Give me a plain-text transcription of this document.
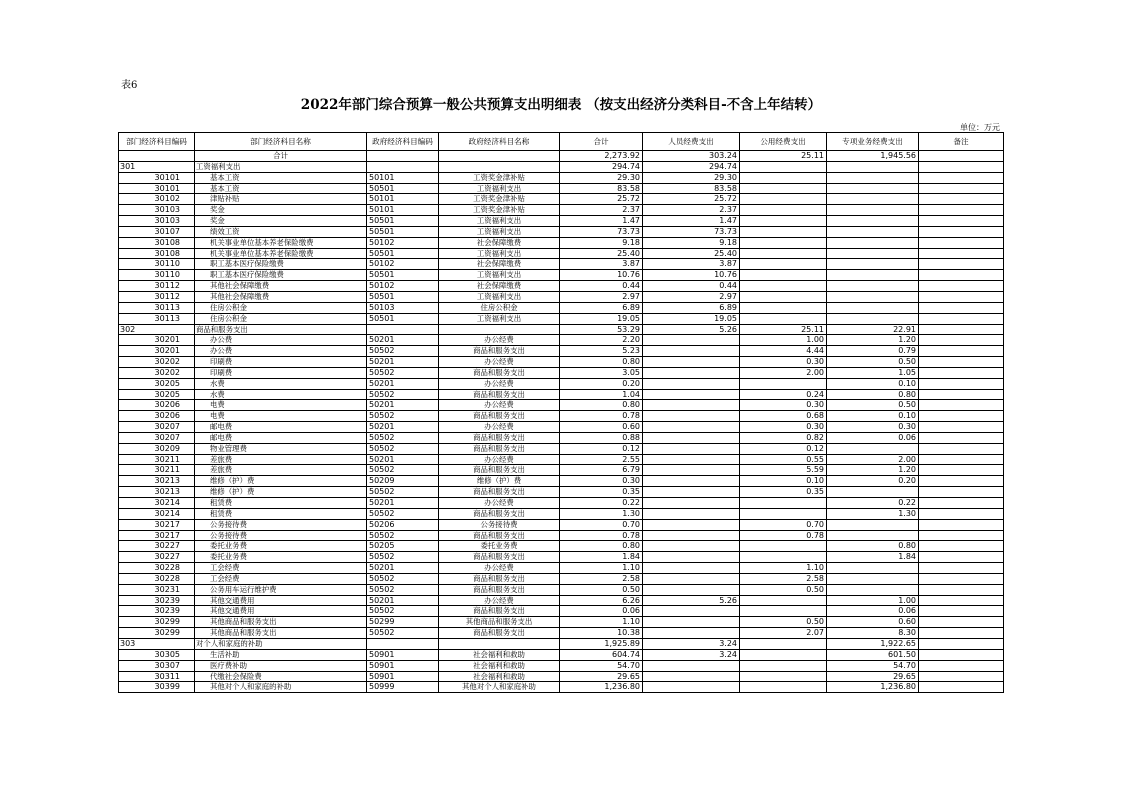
表6
2022年部门综合预算一般公共预算支出明细表 （按支出经济分类科目-不含上年结转）
单位：万元
部门经济科目编码	部门经济科目名称	政府经济科目编码	政府经济科目名称	合计	人员经费支出	公用经费支出	专项业务经费支出	备注
	合计			2,273.92	303.24	25.11	1,945.56	
301	工资福利支出			294.74	294.74			
30101	基本工资	50101	工资奖金津补贴	29.30	29.30			
30101	基本工资	50501	工资福利支出	83.58	83.58			
30102	津贴补贴	50101	工资奖金津补贴	25.72	25.72			
30103	奖金	50101	工资奖金津补贴	2.37	2.37			
30103	奖金	50501	工资福利支出	1.47	1.47			
30107	绩效工资	50501	工资福利支出	73.73	73.73			
30108	机关事业单位基本养老保险缴费	50102	社会保障缴费	9.18	9.18			
30108	机关事业单位基本养老保险缴费	50501	工资福利支出	25.40	25.40			
30110	职工基本医疗保险缴费	50102	社会保障缴费	3.87	3.87			
30110	职工基本医疗保险缴费	50501	工资福利支出	10.76	10.76			
30112	其他社会保障缴费	50102	社会保障缴费	0.44	0.44			
30112	其他社会保障缴费	50501	工资福利支出	2.97	2.97			
30113	住房公积金	50103	住房公积金	6.89	6.89			
30113	住房公积金	50501	工资福利支出	19.05	19.05			
302	商品和服务支出			53.29	5.26	25.11	22.91	
30201	办公费	50201	办公经费	2.20		1.00	1.20	
30201	办公费	50502	商品和服务支出	5.23		4.44	0.79	
30202	印刷费	50201	办公经费	0.80		0.30	0.50	
30202	印刷费	50502	商品和服务支出	3.05		2.00	1.05	
30205	水费	50201	办公经费	0.20			0.10	
30205	水费	50502	商品和服务支出	1.04		0.24	0.80	
30206	电费	50201	办公经费	0.80		0.30	0.50	
30206	电费	50502	商品和服务支出	0.78		0.68	0.10	
30207	邮电费	50201	办公经费	0.60		0.30	0.30	
30207	邮电费	50502	商品和服务支出	0.88		0.82	0.06	
30209	物业管理费	50502	商品和服务支出	0.12		0.12		
30211	差旅费	50201	办公经费	2.55		0.55	2.00	
30211	差旅费	50502	商品和服务支出	6.79		5.59	1.20	
30213	维修（护）费	50209	维修（护）费	0.30		0.10	0.20	
30213	维修（护）费	50502	商品和服务支出	0.35		0.35		
30214	租赁费	50201	办公经费	0.22			0.22	
30214	租赁费	50502	商品和服务支出	1.30			1.30	
30217	公务接待费	50206	公务接待费	0.70		0.70		
30217	公务接待费	50502	商品和服务支出	0.78		0.78		
30227	委托业务费	50205	委托业务费	0.80			0.80	
30227	委托业务费	50502	商品和服务支出	1.84			1.84	
30228	工会经费	50201	办公经费	1.10		1.10		
30228	工会经费	50502	商品和服务支出	2.58		2.58		
30231	公务用车运行维护费	50502	商品和服务支出	0.50		0.50		
30239	其他交通费用	50201	办公经费	6.26	5.26		1.00	
30239	其他交通费用	50502	商品和服务支出	0.06			0.06	
30299	其他商品和服务支出	50299	其他商品和服务支出	1.10		0.50	0.60	
30299	其他商品和服务支出	50502	商品和服务支出	10.38		2.07	8.30	
303	对个人和家庭的补助			1,925.89	3.24		1,922.65	
30305	生活补助	50901	社会福利和救助	604.74	3.24		601.50	
30307	医疗费补助	50901	社会福利和救助	54.70			54.70	
30311	代缴社会保险费	50901	社会福利和救助	29.65			29.65	
30399	其他对个人和家庭的补助	50999	其他对个人和家庭补助	1,236.80			1,236.80	
